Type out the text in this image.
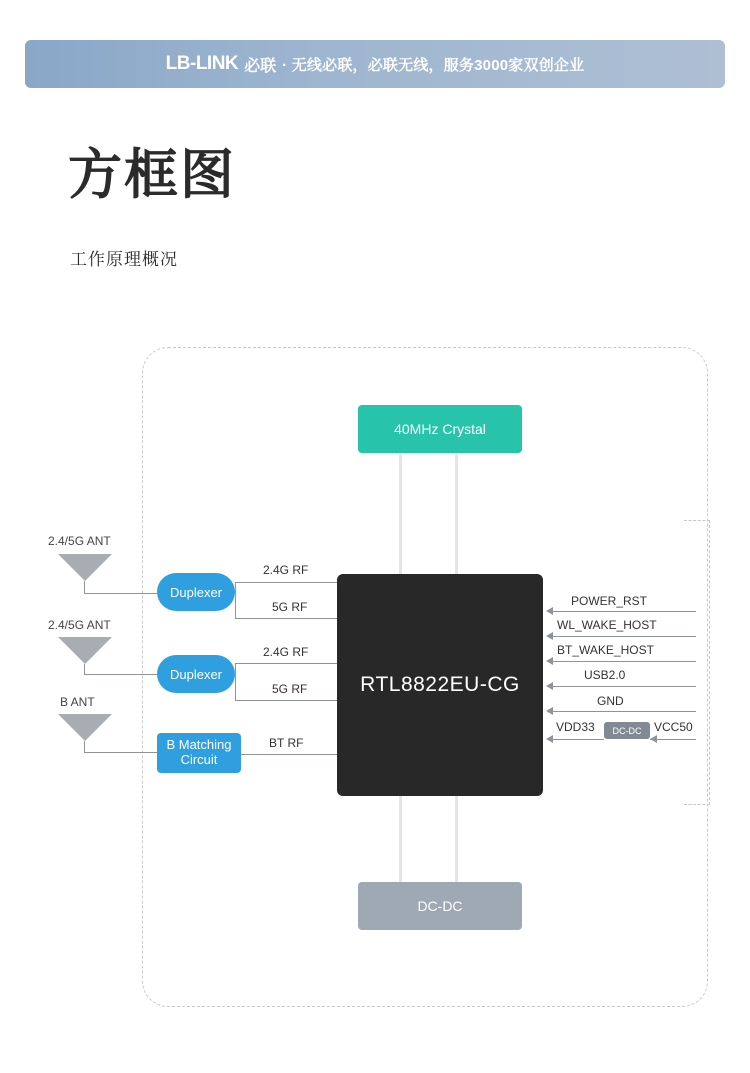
LB-LINK 必联 · 无线必联，必联无线，服务3000家双创企业
方框图
工作原理概况
40MHz Crystal
RTL8822EU-CG
DC-DC
2.4/5G ANT
2.4/5G ANT
B ANT
Duplexer
Duplexer
B Matching
Circuit
2.4G RF
5G RF
2.4G RF
5G RF
BT RF
POWER_RST
WL_WAKE_HOST
BT_WAKE_HOST
USB2.0
GND
VDD33	VCC50
DC-DC
